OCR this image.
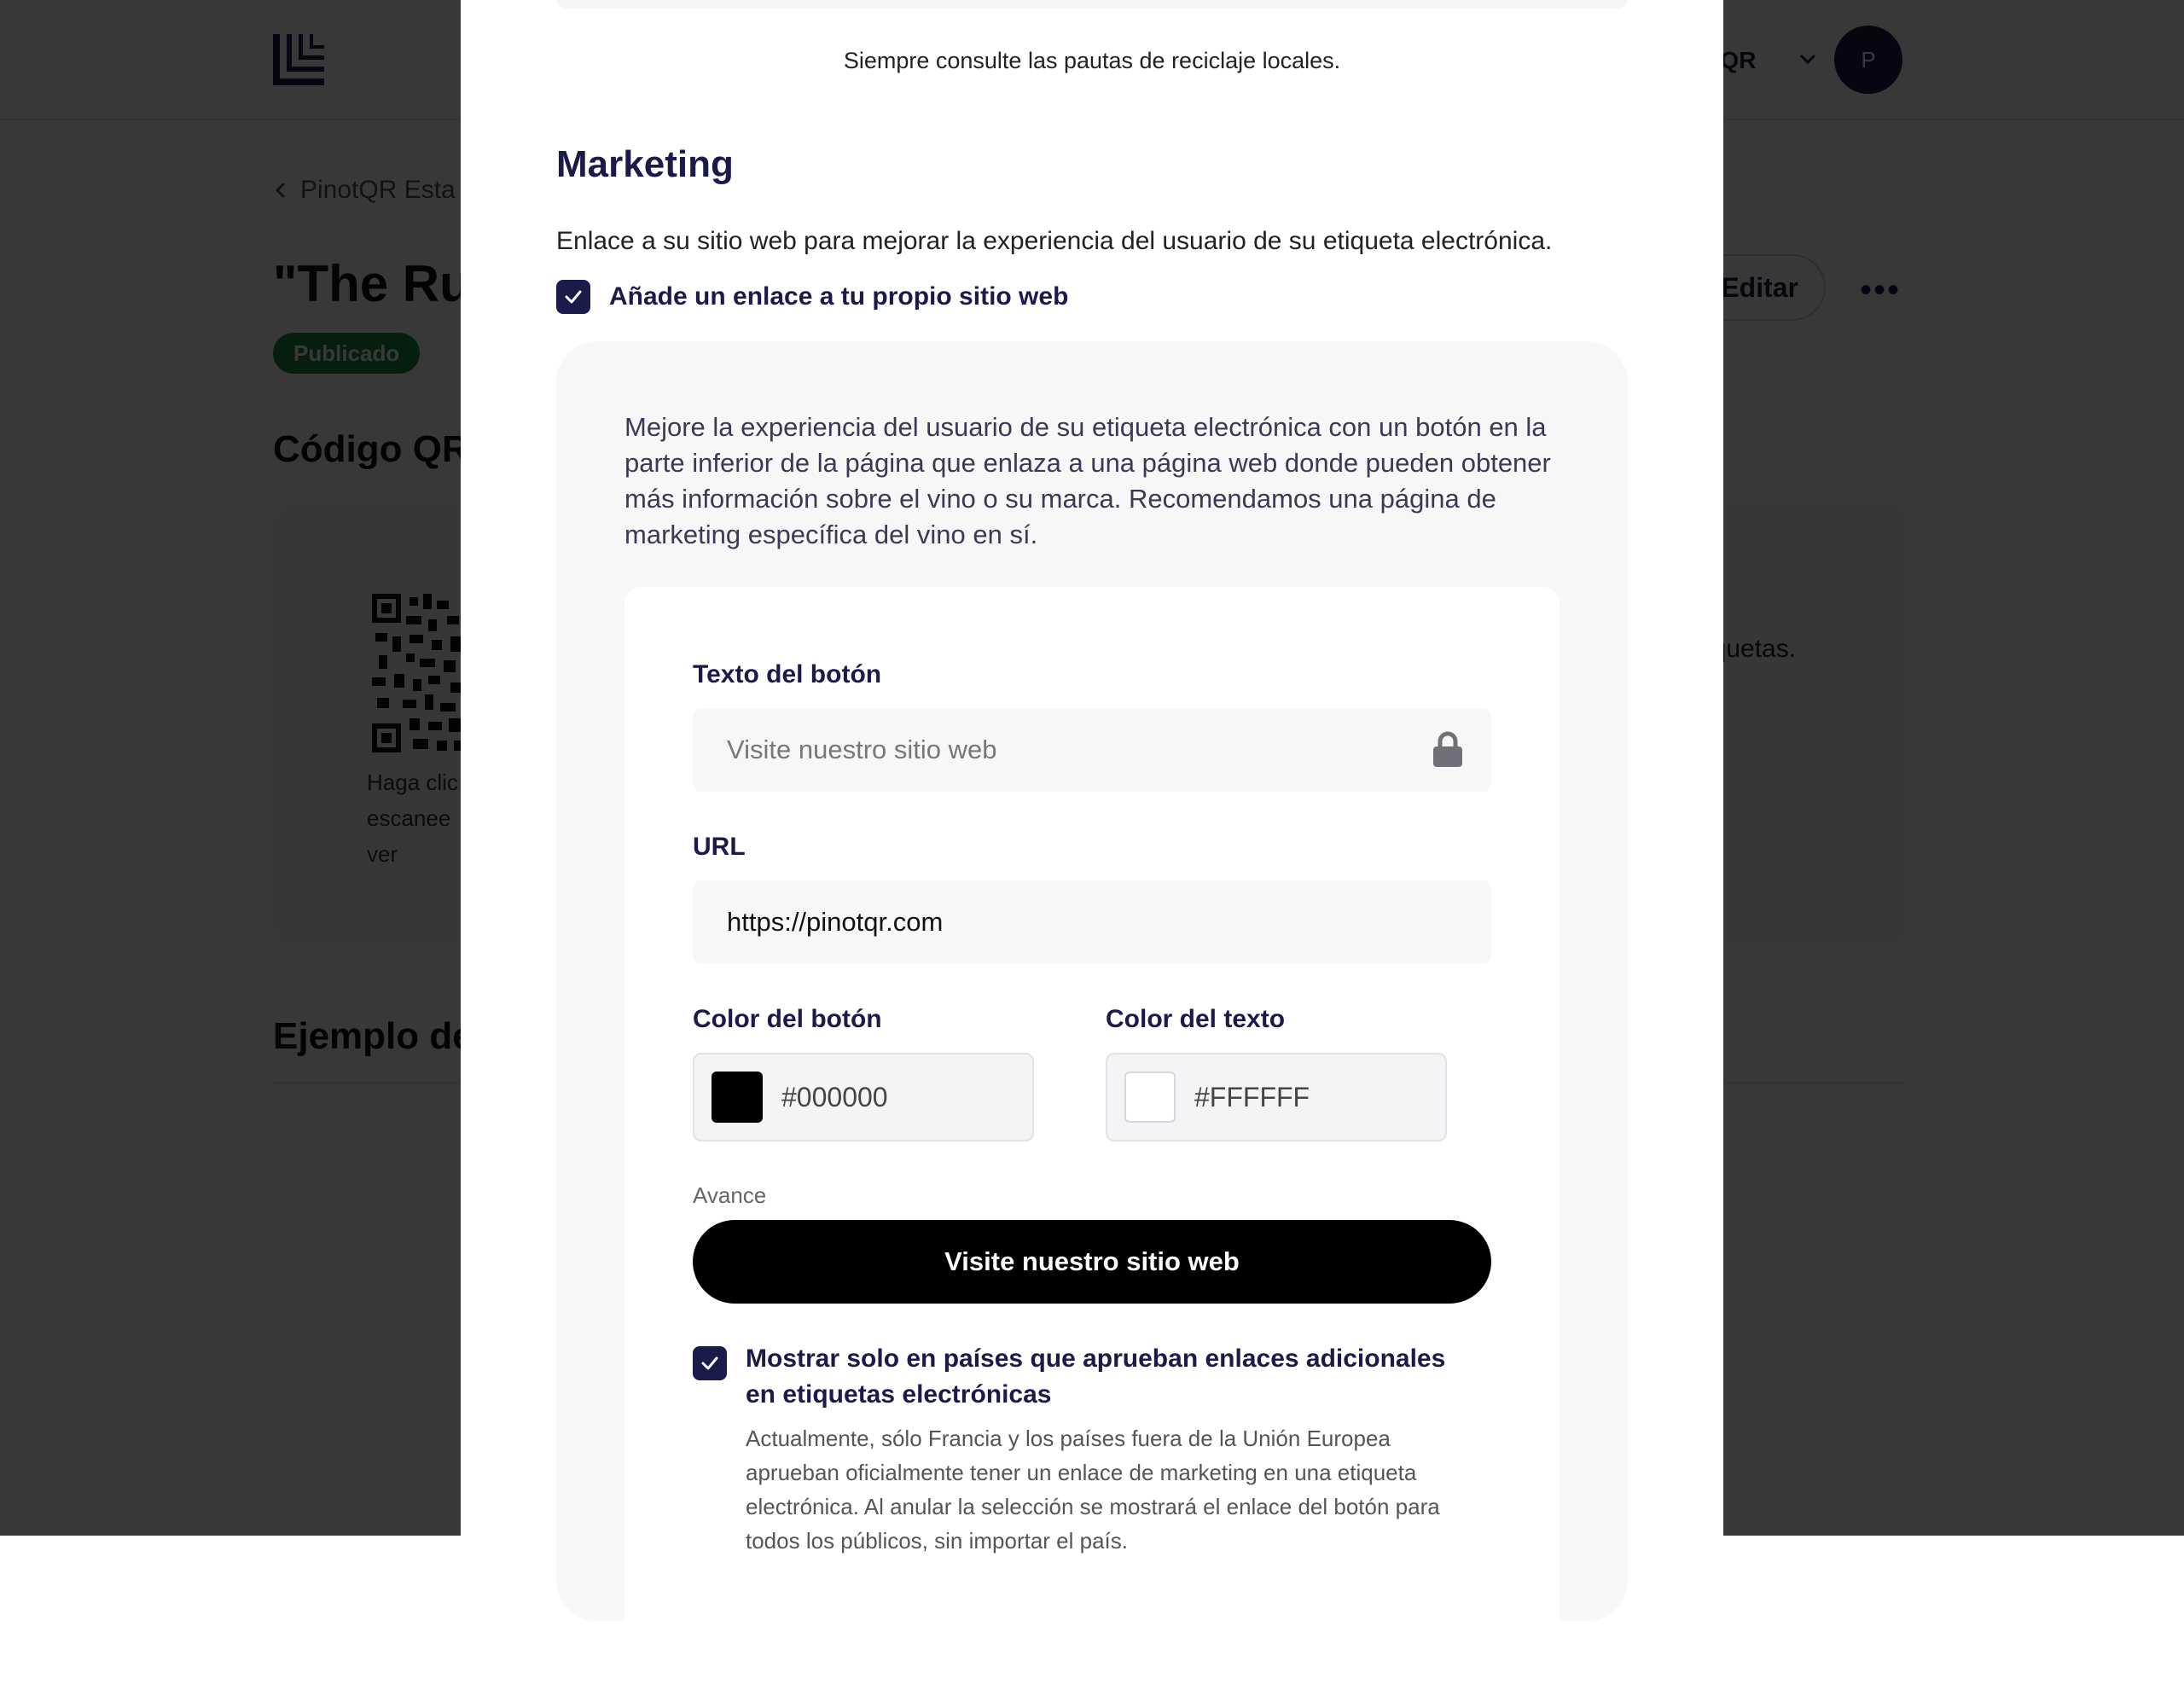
Siempre consulte las pautas de reciclaje locales.
Marketing
Enlace a su sitio web para mejorar la experiencia del usuario de su etiqueta electrónica.
Añade un enlace a tu propio sitio web
Mejore la experiencia del usuario de su etiqueta electrónica con un botón en la parte inferior de la página que enlaza a una página web donde pueden obtener más información sobre el vino o su marca. Recomendamos una página de marketing específica del vino en sí.
Texto del botón
Visite nuestro sitio web
URL
https://pinotqr.com
Color del botón
#000000
Color del texto
#FFFFFF
Avance
Visite nuestro sitio web
Mostrar solo en países que aprueban enlaces adicionales en etiquetas electrónicas
Actualmente, sólo Francia y los países fuera de la Unión Europea aprueban oficialmente tener un enlace de marketing en una etiqueta electrónica. Al anular la selección se mostrará el enlace del botón para todos los públicos, sin importar el país.
